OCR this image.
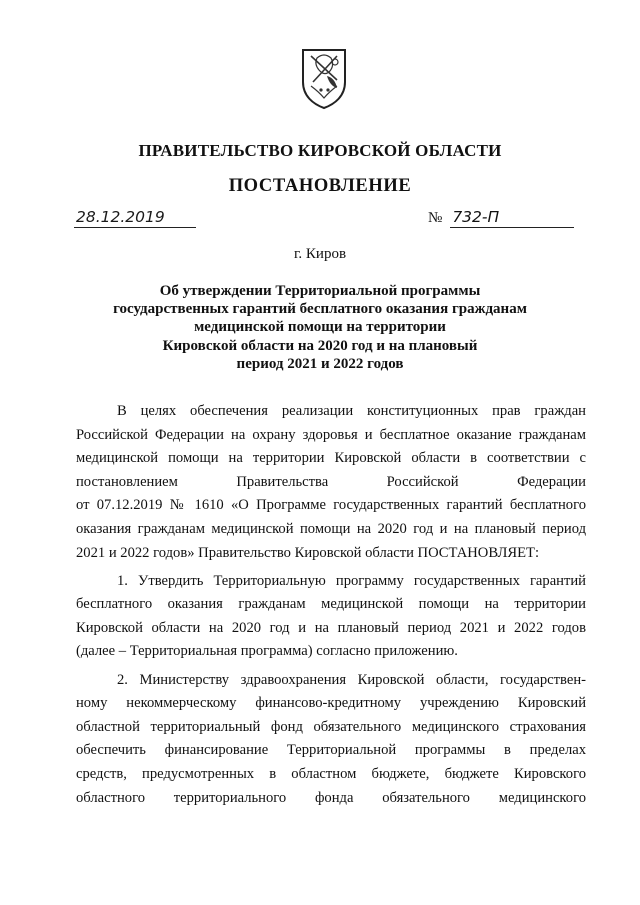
ПРАВИТЕЛЬСТВО КИРОВСКОЙ ОБЛАСТИ
ПОСТАНОВЛЕНИЕ
28.12.2019	№ 732-П
г. Киров
Об утверждении Территориальной программы
государственных гарантий бесплатного оказания гражданам
медицинской помощи на территории
Кировской области на 2020 год и на плановый
период 2021 и 2022 годов

В целях обеспечения реализации конституционных прав граждан
Российской Федерации на охрану здоровья и бесплатное оказание гражданам
медицинской помощи на территории Кировской области в соответствии с
постановлением Правительства Российской Федерации
от 07.12.2019 № 1610 «О Программе государственных гарантий бесплатного
оказания гражданам медицинской помощи на 2020 год и на плановый период
2021 и 2022 годов» Правительство Кировской области ПОСТАНОВЛЯЕТ:

1. Утвердить Территориальную программу государственных гарантий
бесплатного оказания гражданам медицинской помощи на территории
Кировской области на 2020 год и на плановый период 2021 и 2022 годов
(далее – Территориальная программа) согласно приложению.

2. Министерству здравоохранения Кировской области, государствен-
ному некоммерческому финансово-кредитному учреждению Кировский
областной территориальный фонд обязательного медицинского страхования
обеспечить финансирование Территориальной программы в пределах
средств, предусмотренных в областном бюджете, бюджете Кировского
областного территориального фонда обязательного медицинского
